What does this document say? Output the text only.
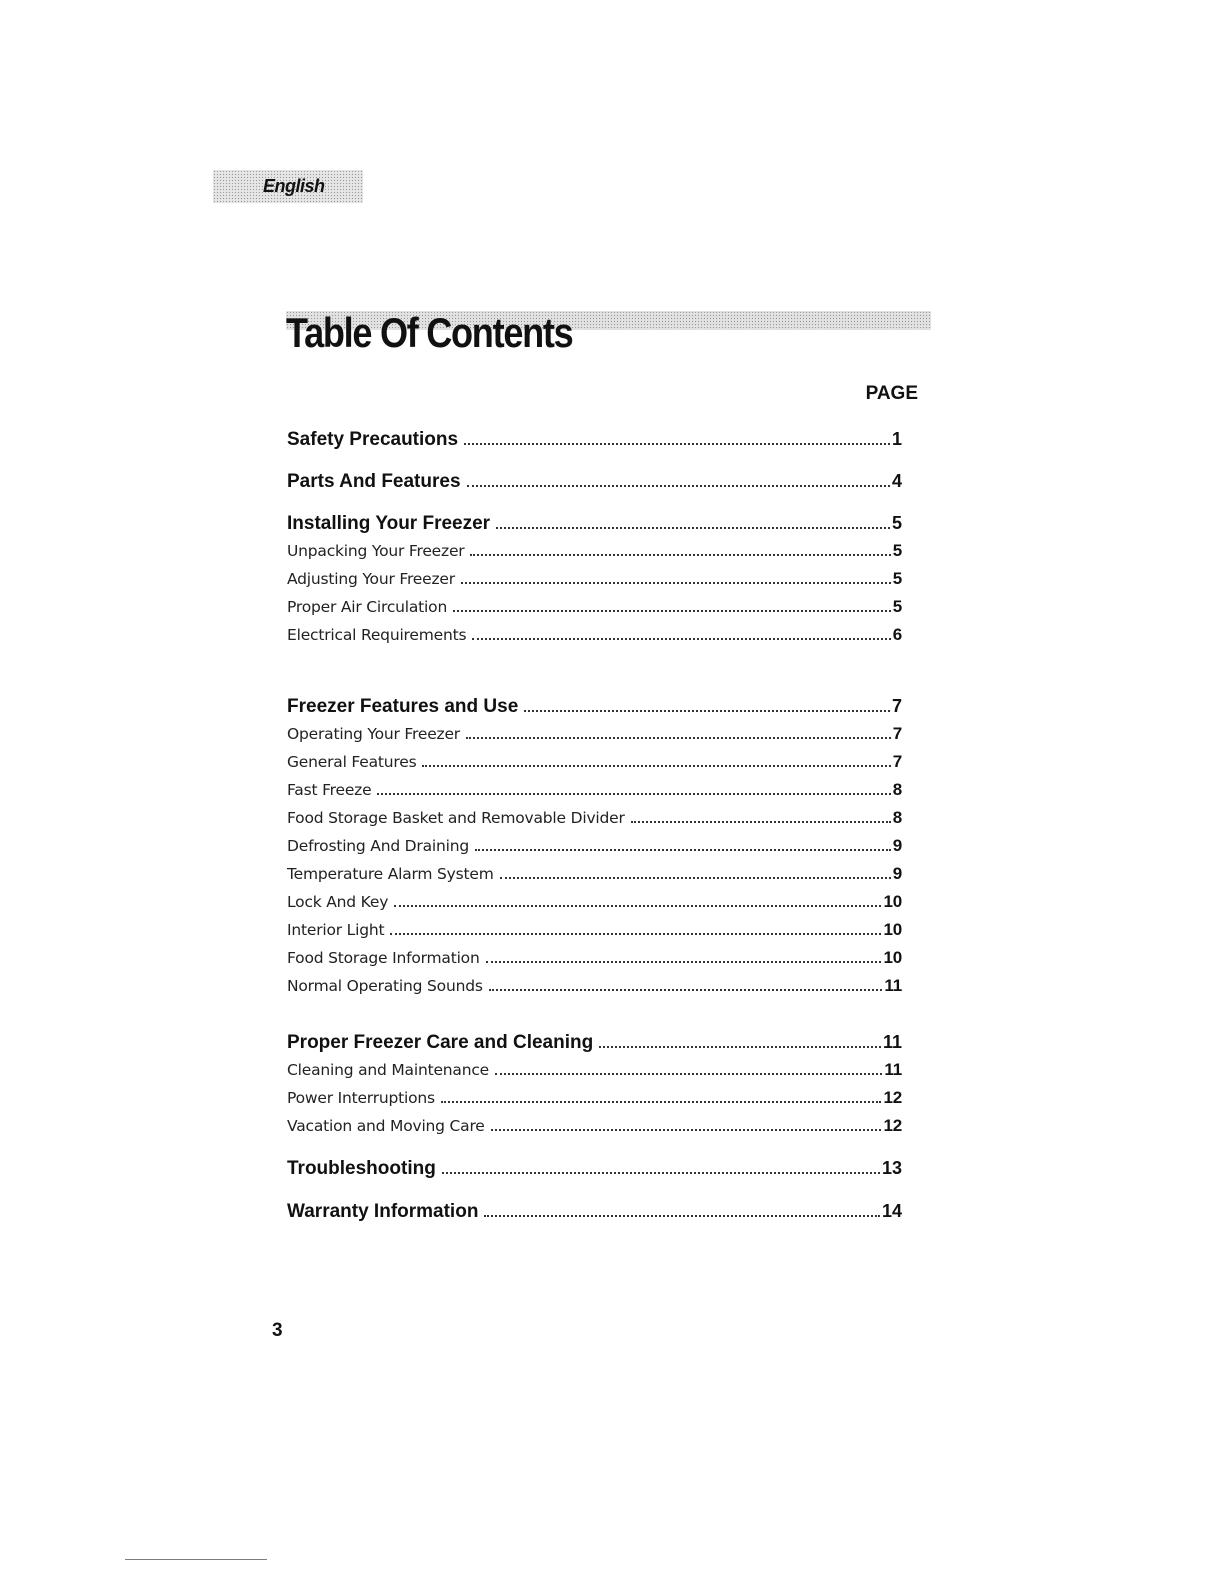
English
Table Of Contents
PAGE
Safety Precautions	1
Parts And Features	4
Installing Your Freezer	5
Unpacking Your Freezer	5
Adjusting Your Freezer	5
Proper Air Circulation	5
Electrical Requirements	6
Freezer Features and Use	7
Operating Your Freezer	7
General Features	7
Fast Freeze	8
Food Storage Basket and Removable Divider	8
Defrosting And Draining	9
Temperature Alarm System	9
Lock And Key	10
Interior Light	10
Food Storage Information	10
Normal Operating Sounds	11
Proper Freezer Care and Cleaning	11
Cleaning and Maintenance	11
Power Interruptions	12
Vacation and Moving Care	12
Troubleshooting	13
Warranty Information	14
3
